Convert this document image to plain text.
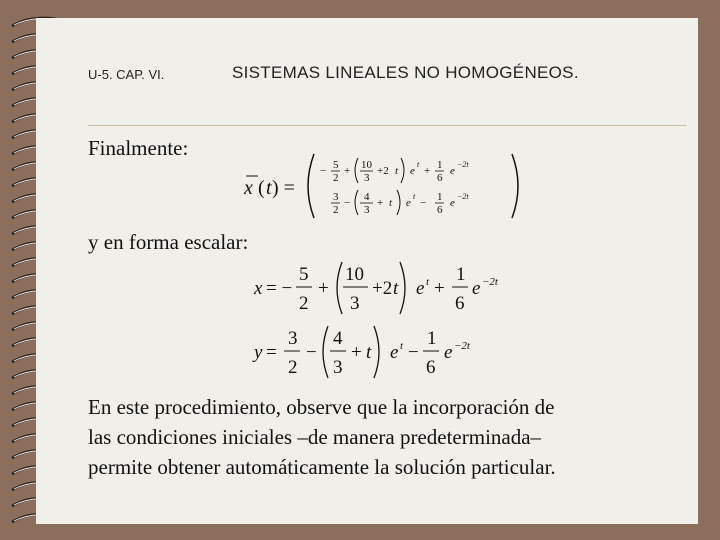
U-5. CAP. VI.	SISTEMAS LINEALES NO HOMOGÉNEOS.
Finalmente:
x ( t ) =
− 5
2
+ 10
3
+2 t e
t
+ 1
6
e
−2t
3
2
− 4
3
+ t e
t
− 1
6
e
−2t
y en forma escalar:
x = −
5
2
+
10
3
+2 t e t +
1
6
e −2t
y =
3
2
−
4
3
+ t e t −
1
6
e −2t
En este procedimiento, observe que la incorporación de
las condiciones iniciales –de manera predeterminada–
permite obtener automáticamente la solución particular.
